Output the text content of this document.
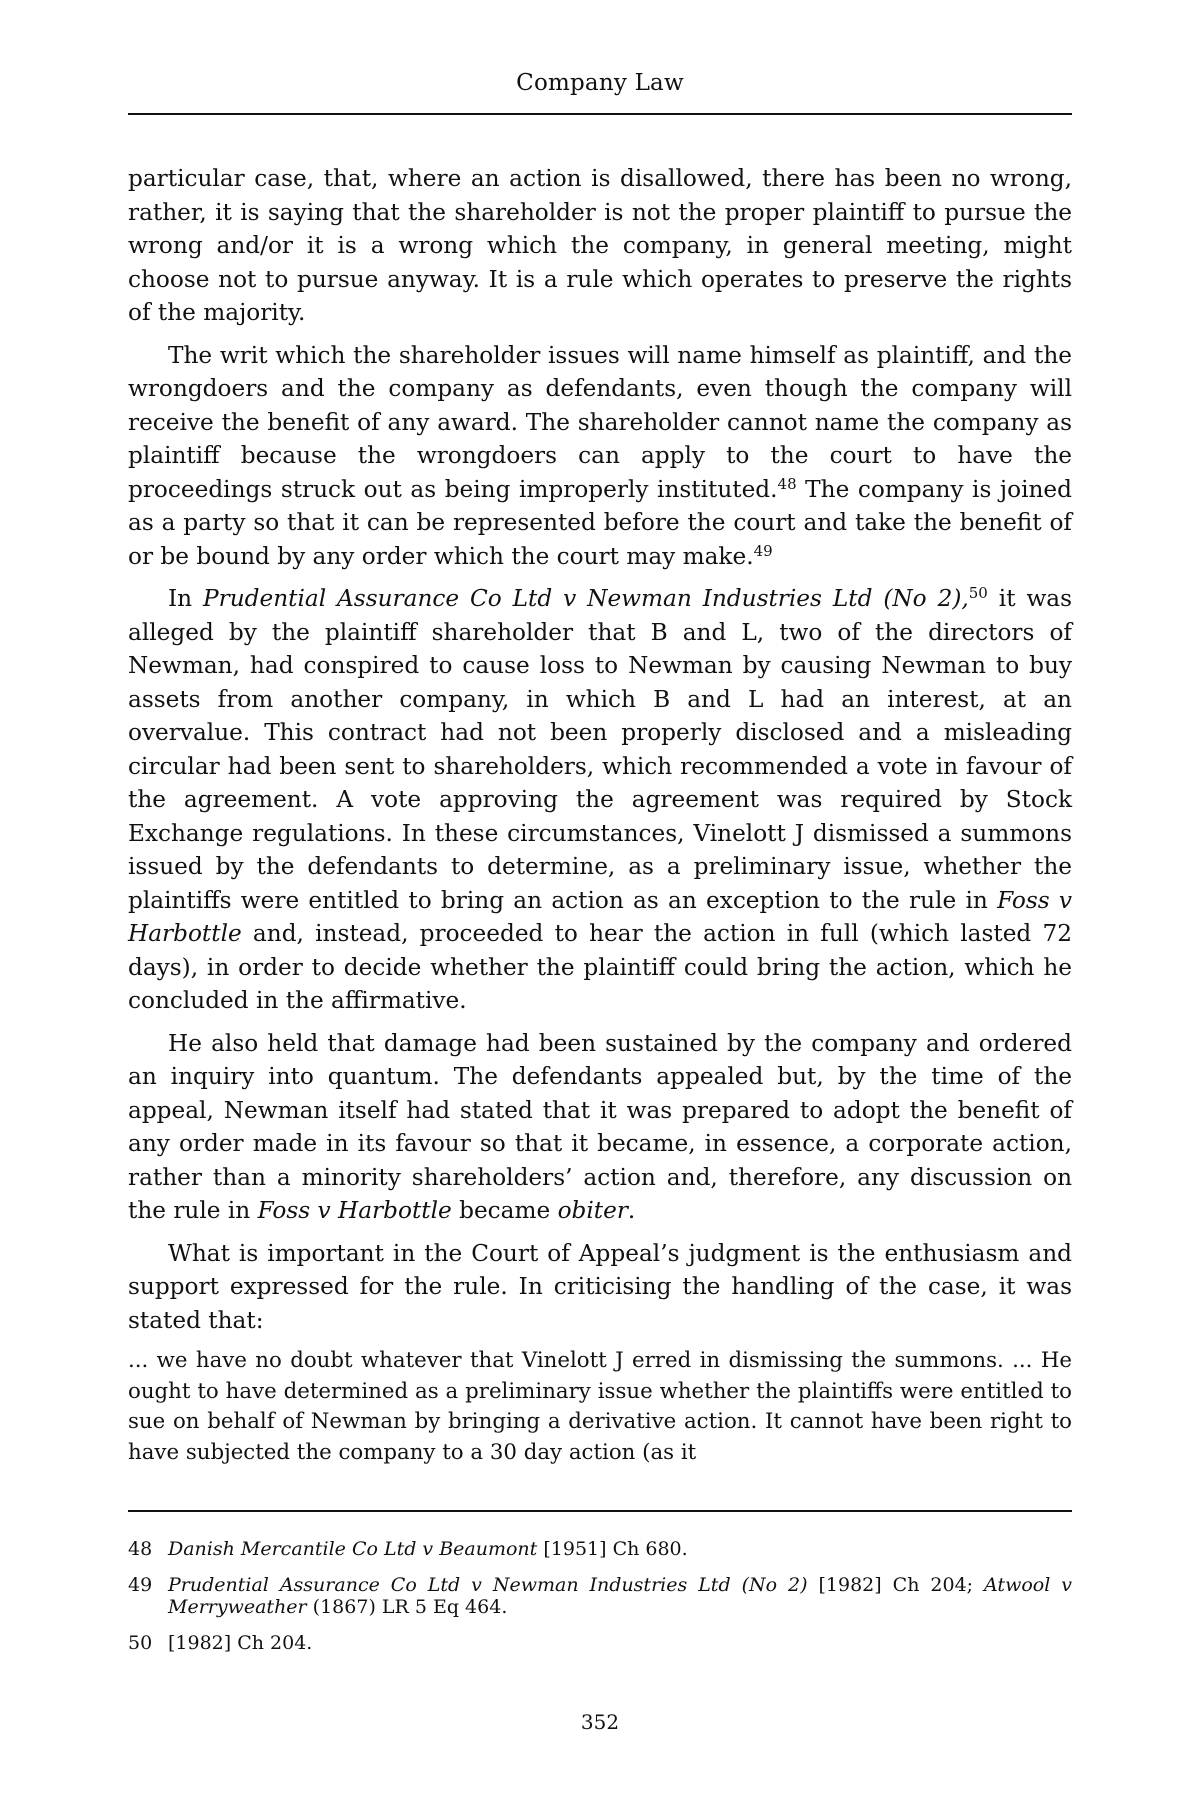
Company Law

particular case, that, where an action is disallowed, there has been no wrong, rather, it is saying that the shareholder is not the proper plaintiff to pursue the wrong and/or it is a wrong which the company, in general meeting, might choose not to pursue anyway. It is a rule which operates to preserve the rights of the majority.

The writ which the shareholder issues will name himself as plaintiff, and the wrongdoers and the company as defendants, even though the company will receive the benefit of any award. The shareholder cannot name the company as plaintiff because the wrongdoers can apply to the court to have the proceedings struck out as being improperly instituted.$^{48}$ The company is joined as a party so that it can be represented before the court and take the benefit of or be bound by any order which the court may make.$^{49}$

In Prudential Assurance Co Ltd v Newman Industries Ltd (No 2),$^{50}$ it was alleged by the plaintiff shareholder that B and L, two of the directors of Newman, had conspired to cause loss to Newman by causing Newman to buy assets from another company, in which B and L had an interest, at an overvalue. This contract had not been properly disclosed and a misleading circular had been sent to shareholders, which recommended a vote in favour of the agreement. A vote approving the agreement was required by Stock Exchange regulations. In these circumstances, Vinelott J dismissed a summons issued by the defendants to determine, as a preliminary issue, whether the plaintiffs were entitled to bring an action as an exception to the rule in Foss v Harbottle and, instead, proceeded to hear the action in full (which lasted 72 days), in order to decide whether the plaintiff could bring the action, which he concluded in the affirmative.

He also held that damage had been sustained by the company and ordered an inquiry into quantum. The defendants appealed but, by the time of the appeal, Newman itself had stated that it was prepared to adopt the benefit of any order made in its favour so that it became, in essence, a corporate action, rather than a minority shareholders’ action and, therefore, any discussion on the rule in Foss v Harbottle became obiter.

What is important in the Court of Appeal’s judgment is the enthusiasm and support expressed for the rule. In criticising the handling of the case, it was stated that:

... we have no doubt whatever that Vinelott J erred in dismissing the summons. ... He ought to have determined as a preliminary issue whether the plaintiffs were entitled to sue on behalf of Newman by bringing a derivative action. It cannot have been right to have subjected the company to a 30 day action (as it

48 Danish Mercantile Co Ltd v Beaumont [1951] Ch 680.
49 Prudential Assurance Co Ltd v Newman Industries Ltd (No 2) [1982] Ch 204; Atwool v Merryweather (1867) LR 5 Eq 464.
50 [1982] Ch 204.
352
